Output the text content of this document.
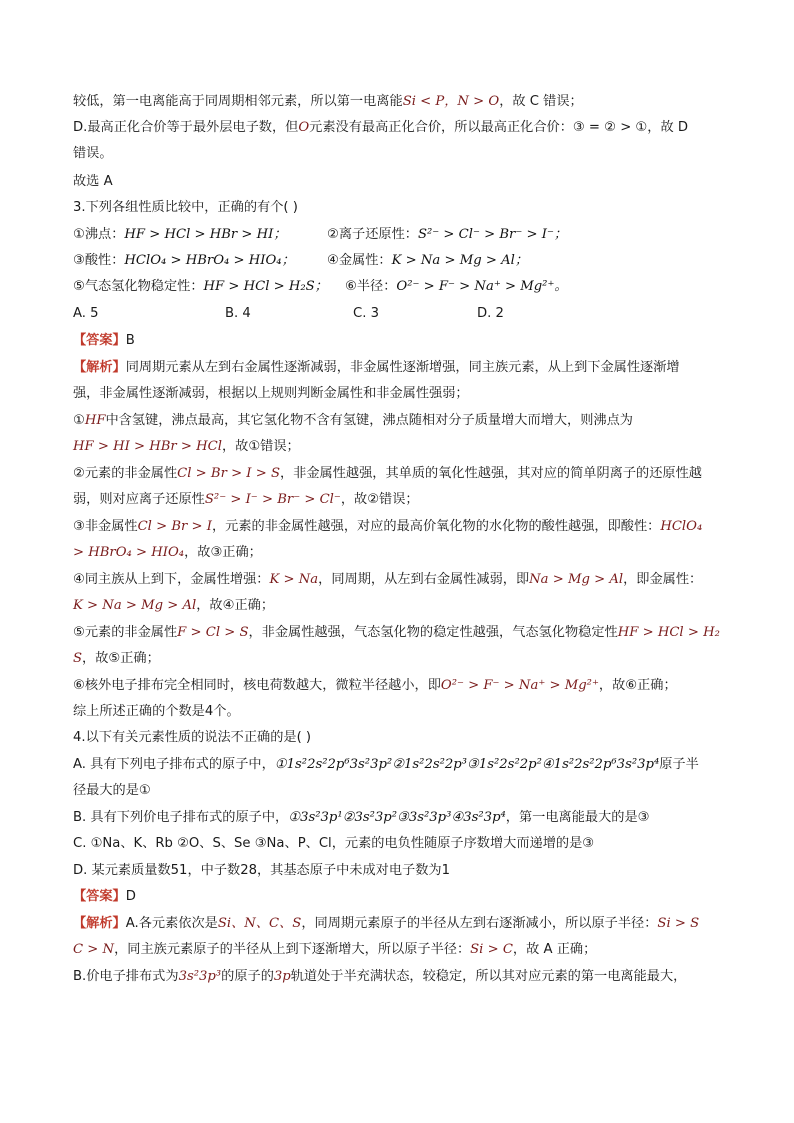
较低，第一电离能高于同周期相邻元素，所以第一电离能Si < P，N > O，故 C 错误；
D.最高正化合价等于最外层电子数，但O元素没有最高正化合价，所以最高正化合价：③ = ② > ①，故 D
错误。
故选 A
3.下列各组性质比较中，正确的有个( )
①沸点：HF > HCl > HBr > HI；	②离子还原性：S²⁻ > Cl⁻ > Br⁻ > I⁻；
③酸性：HClO₄ > HBrO₄ > HIO₄； ④金属性：K > Na > Mg > Al；
⑤气态氢化物稳定性：HF > HCl > H₂S； ⑥半径：O²⁻ > F⁻ > Na⁺ > Mg²⁺。
A. 5	B. 4	C. 3	D. 2
【答案】B
【解析】同周期元素从左到右金属性逐渐减弱，非金属性逐渐增强，同主族元素，从上到下金属性逐渐增
强，非金属性逐渐减弱，根据以上规则判断金属性和非金属性强弱；
①HF中含氢键，沸点最高，其它氢化物不含有氢键，沸点随相对分子质量增大而增大，则沸点为
HF > HI > HBr > HCl，故①错误；
②元素的非金属性Cl > Br > I > S，非金属性越强，其单质的氧化性越强，其对应的简单阴离子的还原性越
弱，则对应离子还原性S²⁻ > I⁻ > Br⁻ > Cl⁻，故②错误；
③非金属性Cl > Br > I，元素的非金属性越强，对应的最高价氧化物的水化物的酸性越强，即酸性：HClO₄
> HBrO₄ > HIO₄，故③正确；
④同主族从上到下，金属性增强：K > Na，同周期，从左到右金属性减弱，即Na > Mg > Al，即金属性：
K > Na > Mg > Al，故④正确；
⑤元素的非金属性F > Cl > S，非金属性越强，气态氢化物的稳定性越强，气态氢化物稳定性HF > HCl > H₂
S，故⑤正确；
⑥核外电子排布完全相同时，核电荷数越大，微粒半径越小，即O²⁻ > F⁻ > Na⁺ > Mg²⁺，故⑥正确；
综上所述正确的个数是4个。
4.以下有关元素性质的说法不正确的是( )
A. 具有下列电子排布式的原子中，①1s²2s²2p⁶3s²3p²②1s²2s²2p³③1s²2s²2p²④1s²2s²2p⁶3s²3p⁴原子半
径最大的是①
B. 具有下列价电子排布式的原子中，①3s²3p¹②3s²3p²③3s²3p³④3s²3p⁴，第一电离能最大的是③
C. ①Na、K、Rb ②O、S、Se ③Na、P、Cl，元素的电负性随原子序数增大而递增的是③
D. 某元素质量数51，中子数28，其基态原子中未成对电子数为1
【答案】D
【解析】A.各元素依次是Si、N、C、S，同周期元素原子的半径从左到右逐渐减小，所以原子半径：Si > S
C > N，同主族元素原子的半径从上到下逐渐增大，所以原子半径：Si > C，故 A 正确；
B.价电子排布式为3s²3p³的原子的3p轨道处于半充满状态，较稳定，所以其对应元素的第一电离能最大，
